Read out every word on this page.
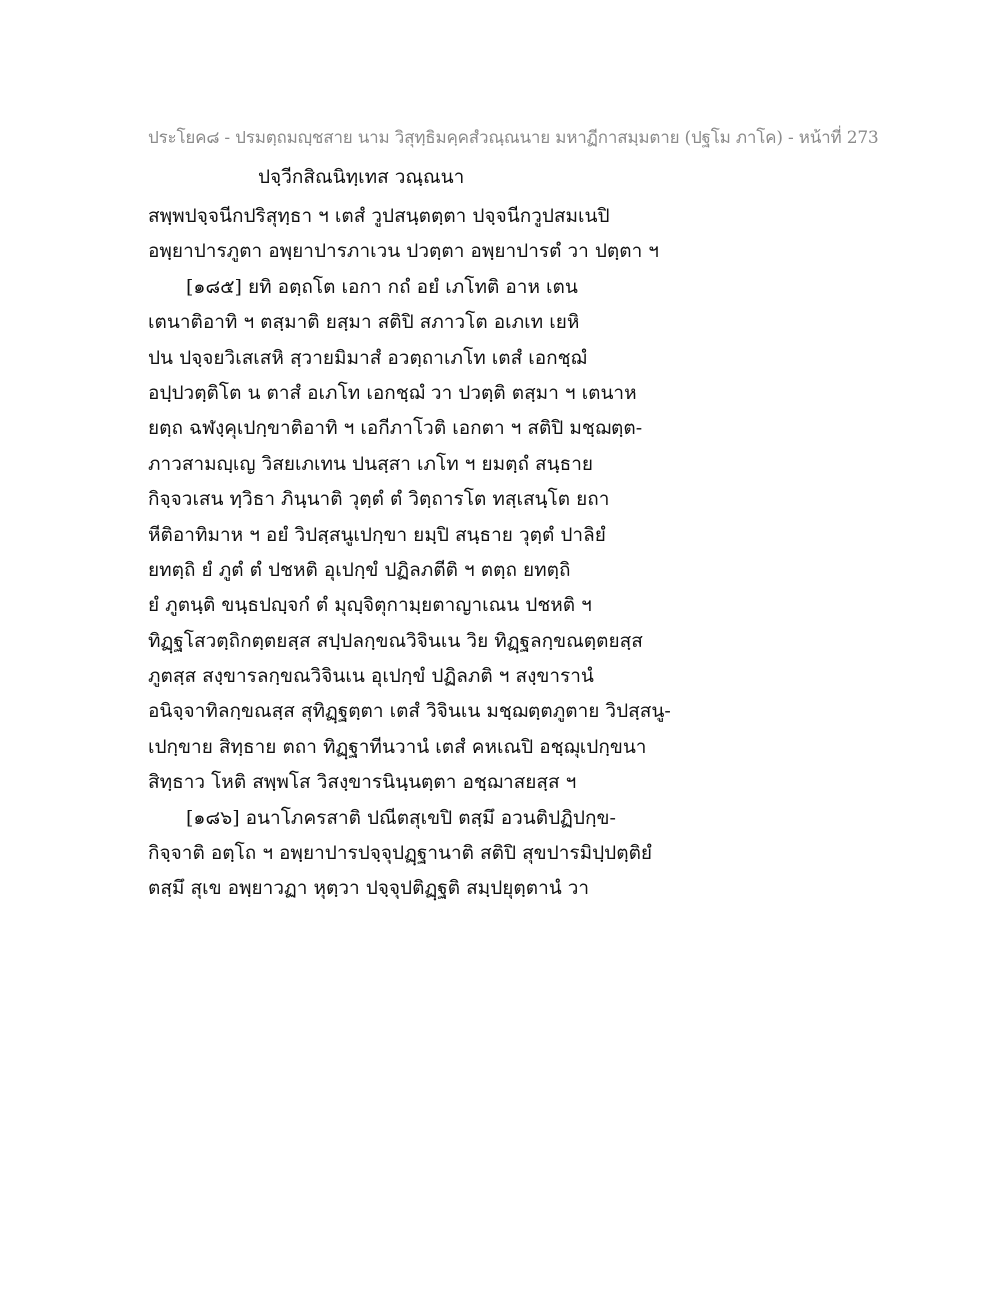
ประโยค๘ - ปรมตฺถมญฺชสาย นาม วิสุทฺธิมคฺคสํวณฺณนาย มหาฏีกาสมฺมตาย (ปฐโม ภาโค) - หน้าที่ 273
ปจฺวีกสิณนิทฺเทส วณฺณนา
สพฺพปจฺจนีกปริสุทฺธา ฯ เตสํ วูปสนฺตตฺตา ปจฺจนีกวูปสมเนปิ
อพฺยาปารภูตา อพฺยาปารภาเวน ปวตฺตา อพฺยาปารตํ วา ปตฺตา ฯ
[๑๘๕] ยทิ อตฺถโต เอกา กถํ อยํ เภโทติ อาห เตน
เตนาติอาทิ ฯ ตสฺมาติ ยสฺมา สติปิ สภาวโต อเภเท เยหิ
ปน ปจฺจยวิเสเสหิ สฺวายมิมาสํ อวตฺถาเภโท เตสํ เอกชฺฌํ
อปฺปวตฺติโต น ตาสํ อเภโท เอกชฺฌํ วา ปวตฺติ ตสฺมา ฯ เตนาห
ยตฺถ ฉฬงฺคุเปกฺขาติอาทิ ฯ เอกีภาโวติ เอกตา ฯ สติปิ มชฺฌตฺต-
ภาวสามญฺเญ วิสยเภเทน ปนสฺสา เภโท ฯ ยมตฺถํ สนฺธาย
กิจฺจวเสน ทฺวิธา ภินฺนาติ วุตฺตํ ตํ วิตฺถารโต ทสฺเสนฺโต ยถา
หีติอาทิมาห ฯ อยํ วิปสฺสนูเปกฺขา ยมฺปิ สนฺธาย วุตฺตํ ปาลิยํ
ยทตฺถิ ยํ ภูตํ ตํ ปชหติ อุเปกฺขํ ปฏิลภตีติ ฯ ตตฺถ ยทตฺถิ
ยํ ภูตนฺติ ขนฺธปญฺจกํ ตํ มุญฺจิตุกามฺยตาญาเณน ปชหติ ฯ
ทิฏฺฐโสวตฺถิกตฺตยสฺส สปฺปลกฺขณวิจินเน วิย ทิฏฺฐลกฺขณตฺตยสฺส
ภูตสฺส สงฺขารลกฺขณวิจินเน อุเปกฺขํ ปฏิลภติ ฯ สงฺขารานํ
อนิจฺจาทิลกฺขณสฺส สุทิฏฺฐตฺตา เตสํ วิจินเน มชฺฌตฺตภูตาย วิปสฺสนู-
เปกฺขาย สิทฺธาย ตถา ทิฏฺฐาทีนวานํ เตสํ คหเณปิ อชฺฌุเปกฺขนา
สิทฺธาว โหติ สพฺพโส วิสงฺขารนินฺนตฺตา อชฺฌาสยสฺส ฯ
[๑๘๖] อนาโภครสาติ ปณีตสุเขปิ ตสฺมึ อวนติปฏิปกฺข-
กิจฺจาติ อตฺโถ ฯ อพฺยาปารปจฺจุปฏฺฐานาติ สติปิ สุขปารมิปฺปตฺติยํ
ตสฺมึ สุเข อพฺยาวฏา หุตฺวา ปจฺจุปติฏฺฐติ สมฺปยุตฺตานํ วา
